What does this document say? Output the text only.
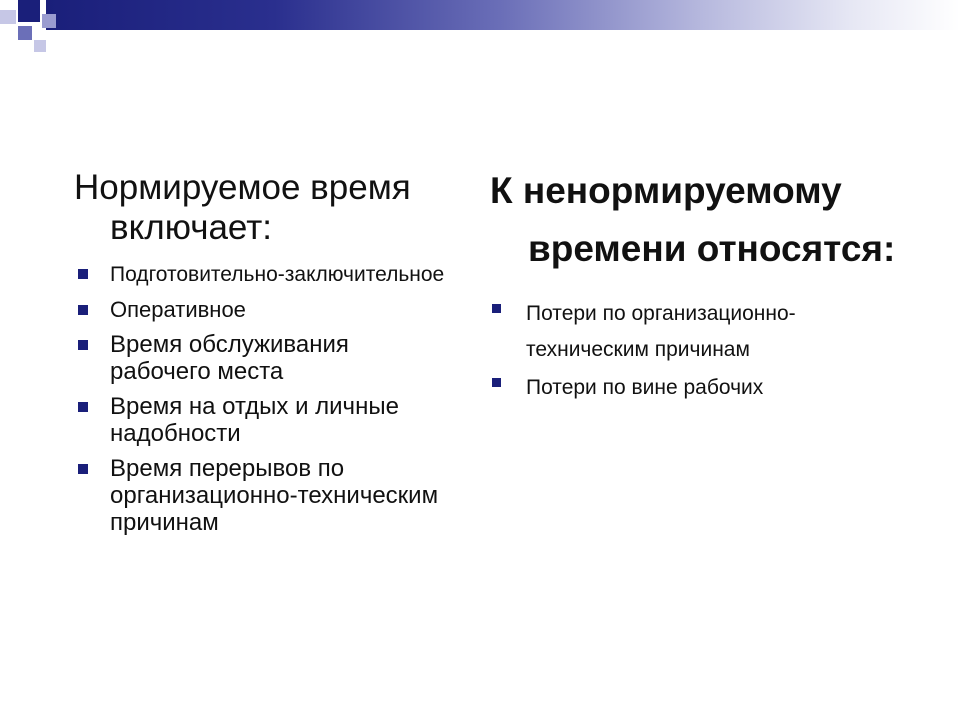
Нормируемое время включает:
Подготовительно-заключительное
Оперативное
Время обслуживания рабочего места
Время на отдых и личные надобности
Время перерывов по организационно-техническим причинам
К ненормируемому времени относятся:
Потери по организационно-техническим причинам
Потери по вине рабочих
